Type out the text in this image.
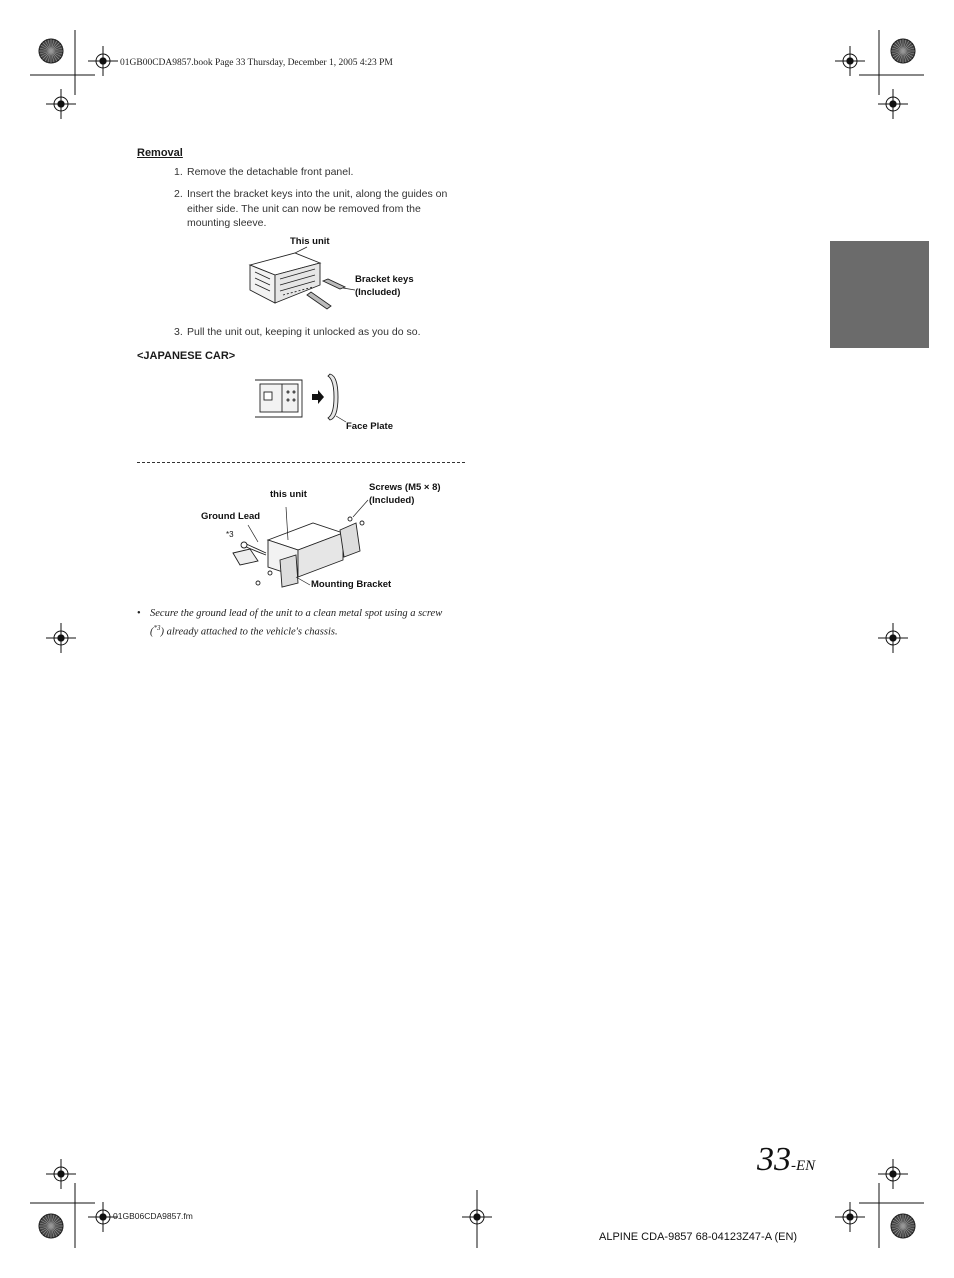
01GB00CDA9857.book Page 33 Thursday, December 1, 2005 4:23 PM
Removal
1. Remove the detachable front panel.
2. Insert the bracket keys into the unit, along the guides on either side. The unit can now be removed from the mounting sleeve.
This unit
Bracket keys
(Included)
3. Pull the unit out, keeping it unlocked as you do so.
<JAPANESE CAR>
Face Plate
this unit
Screws (M5 × 8)
(Included)
Ground Lead
*3
Mounting Bracket
• Secure the ground lead of the unit to a clean metal spot using a screw ($^{*3}$) already attached to the vehicle's chassis.
33-EN
01GB06CDA9857.fm
ALPINE CDA-9857 68-04123Z47-A (EN)
